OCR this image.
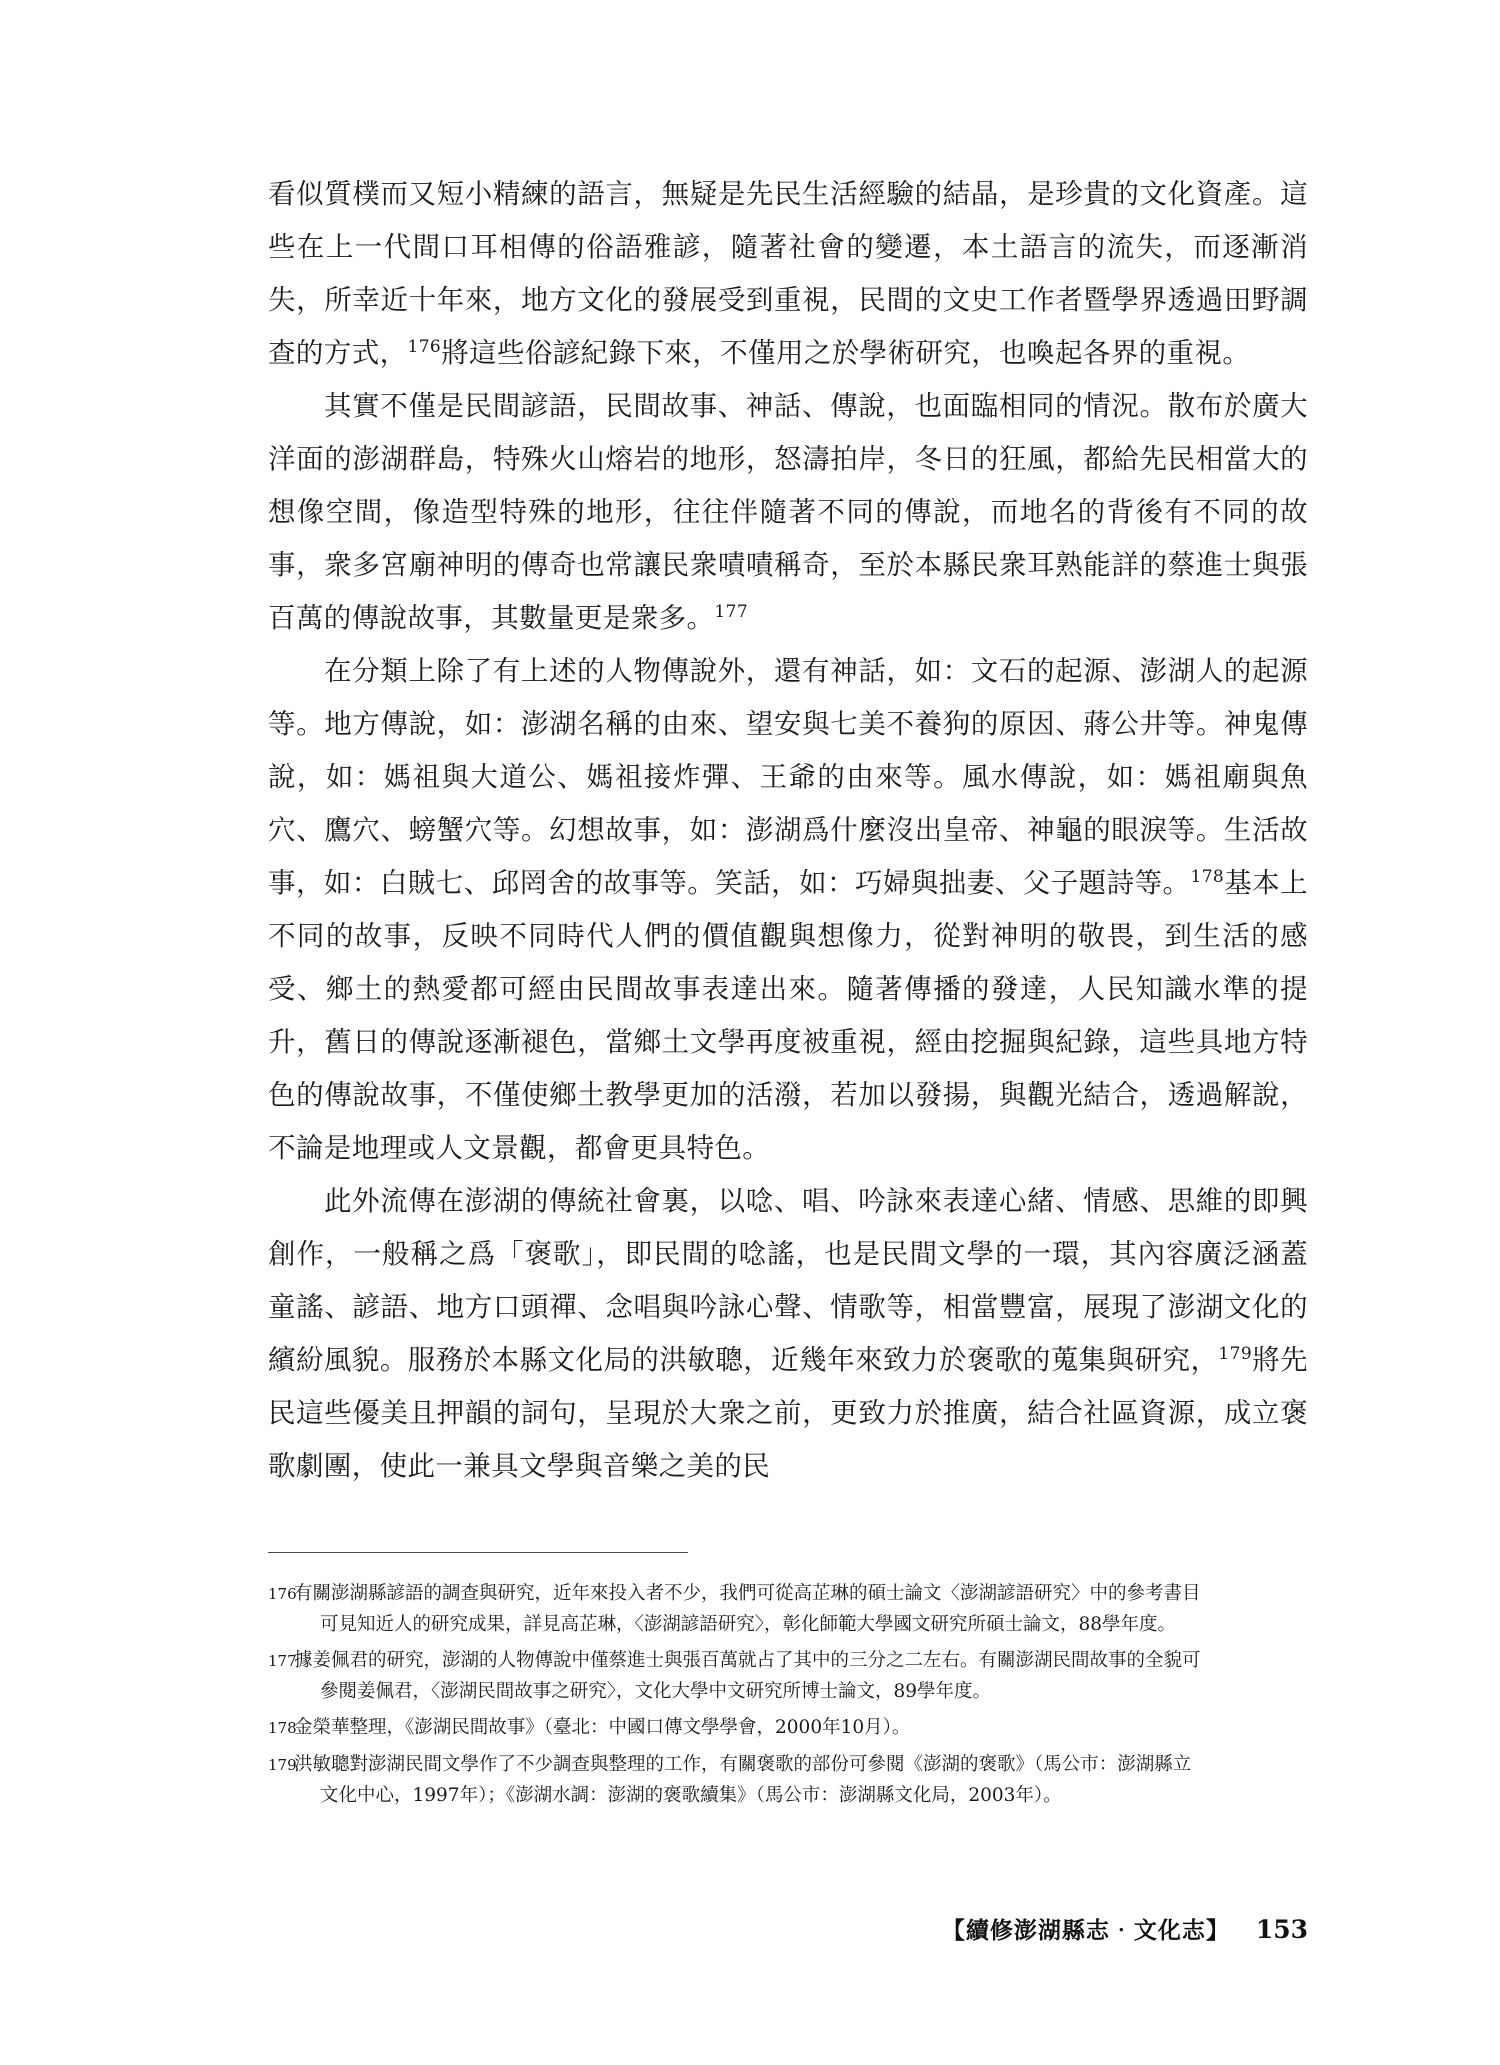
看似質樸而又短小精練的語言，無疑是先民生活經驗的結晶，是珍貴的文化資產。這些在上一代間口耳相傳的俗語雅諺，隨著社會的變遷，本土語言的流失，而逐漸消失，所幸近十年來，地方文化的發展受到重視，民間的文史工作者暨學界透過田野調查的方式，$^{176}$將這些俗諺紀錄下來，不僅用之於學術研究，也喚起各界的重視。

其實不僅是民間諺語，民間故事、神話、傳說，也面臨相同的情況。散布於廣大洋面的澎湖群島，特殊火山熔岩的地形，怒濤拍岸，冬日的狂風，都給先民相當大的想像空間，像造型特殊的地形，往往伴隨著不同的傳說，而地名的背後有不同的故事，衆多宮廟神明的傳奇也常讓民衆嘖嘖稱奇，至於本縣民衆耳熟能詳的蔡進士與張百萬的傳說故事，其數量更是衆多。$^{177}$

在分類上除了有上述的人物傳說外，還有神話，如：文石的起源、澎湖人的起源等。地方傳說，如：澎湖名稱的由來、望安與七美不養狗的原因、蔣公井等。神鬼傳說，如：媽祖與大道公、媽祖接炸彈、王爺的由來等。風水傳說，如：媽祖廟與魚穴、鷹穴、螃蟹穴等。幻想故事，如：澎湖爲什麼沒出皇帝、神龜的眼淚等。生活故事，如：白賊七、邱罔舍的故事等。笑話，如：巧婦與拙妻、父子題詩等。$^{178}$基本上不同的故事，反映不同時代人們的價值觀與想像力，從對神明的敬畏，到生活的感受、鄉土的熱愛都可經由民間故事表達出來。隨著傳播的發達，人民知識水準的提升，舊日的傳說逐漸褪色，當鄉土文學再度被重視，經由挖掘與紀錄，這些具地方特色的傳說故事，不僅使鄉土教學更加的活潑，若加以發揚，與觀光結合，透過解說，不論是地理或人文景觀，都會更具特色。

此外流傳在澎湖的傳統社會裏，以唸、唱、吟詠來表達心緒、情感、思維的即興創作，一般稱之爲「褒歌」，即民間的唸謠，也是民間文學的一環，其內容廣泛涵蓋童謠、諺語、地方口頭禪、念唱與吟詠心聲、情歌等，相當豐富，展現了澎湖文化的繽紛風貌。服務於本縣文化局的洪敏聰，近幾年來致力於褒歌的蒐集與研究，$^{179}$將先民這些優美且押韻的詞句，呈現於大衆之前，更致力於推廣，結合社區資源，成立褒歌劇團，使此一兼具文學與音樂之美的民

176
有關澎湖縣諺語的調查與研究，近年來投入者不少，我們可從高芷琳的碩士論文〈澎湖諺語研究〉中的參考書目
可見知近人的研究成果，詳見高芷琳，〈澎湖諺語研究〉，彰化師範大學國文研究所碩士論文，88學年度。
177
據姜佩君的研究，澎湖的人物傳說中僅蔡進士與張百萬就占了其中的三分之二左右。有關澎湖民間故事的全貌可
參閱姜佩君，〈澎湖民間故事之研究〉，文化大學中文研究所博士論文，89學年度。
178
金榮華整理，《澎湖民間故事》（臺北：中國口傳文學學會，2000年10月）。
179
洪敏聰對澎湖民間文學作了不少調查與整理的工作，有關褒歌的部份可參閱《澎湖的褒歌》（馬公市：澎湖縣立
文化中心，1997年）；《澎湖水調：澎湖的褒歌續集》（馬公市：澎湖縣文化局，2003年）。
【續修澎湖縣志‧文化志】 153
